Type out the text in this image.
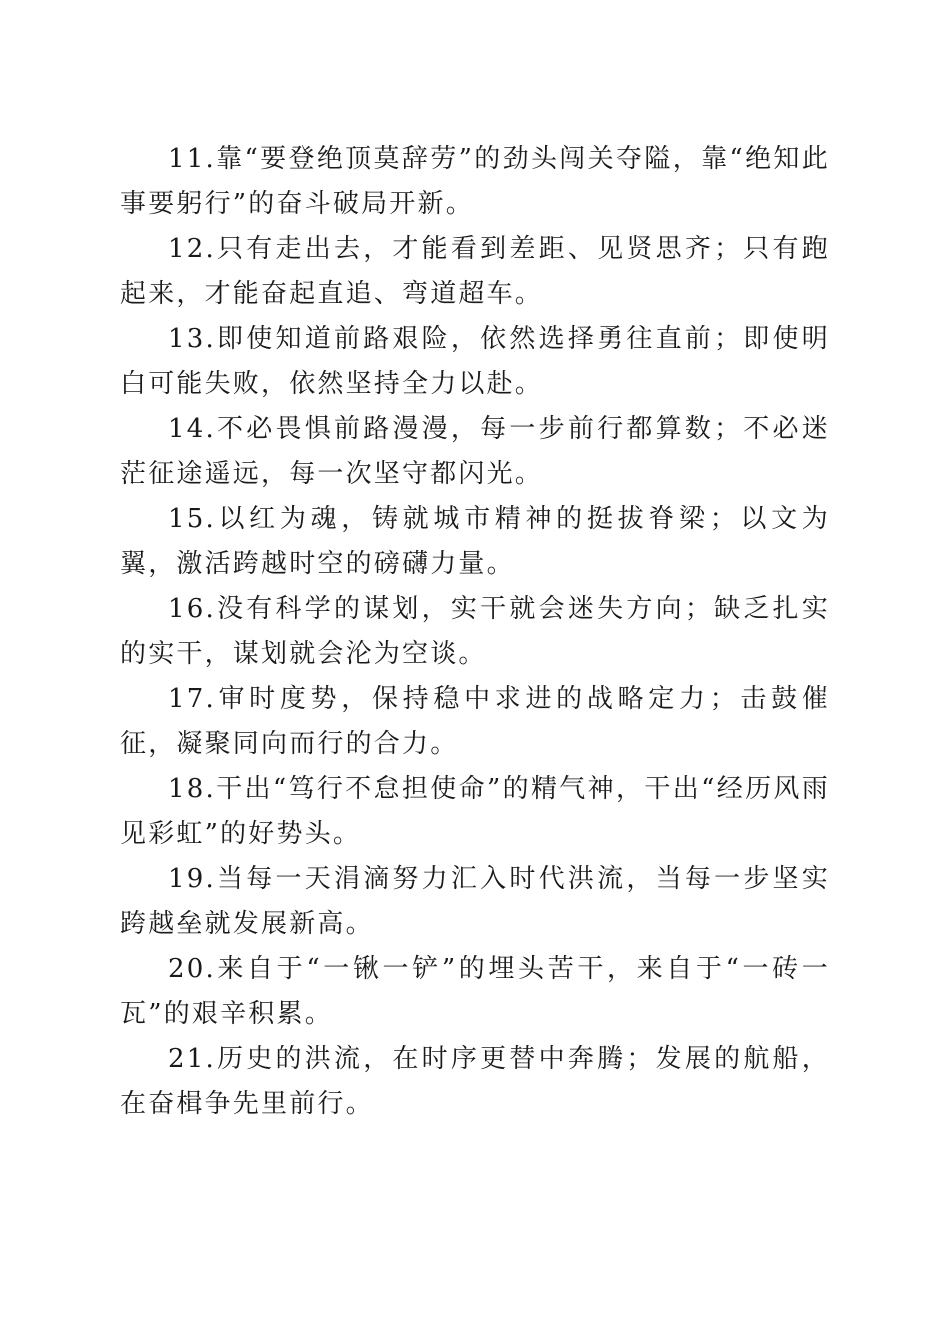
11.靠“要登绝顶莫辞劳”的劲头闯关夺隘，靠“绝知此事要躬行”的奋斗破局开新。

12.只有走出去，才能看到差距、见贤思齐；只有跑起来，才能奋起直追、弯道超车。

13.即使知道前路艰险，依然选择勇往直前；即使明白可能失败，依然坚持全力以赴。

14.不必畏惧前路漫漫，每一步前行都算数；不必迷茫征途遥远，每一次坚守都闪光。

15.以红为魂，铸就城市精神的挺拔脊梁；以文为翼，激活跨越时空的磅礴力量。

16.没有科学的谋划，实干就会迷失方向；缺乏扎实的实干，谋划就会沦为空谈。

17.审时度势，保持稳中求进的战略定力；击鼓催征，凝聚同向而行的合力。

18.干出“笃行不怠担使命”的精气神，干出“经历风雨见彩虹”的好势头。

19.当每一天涓滴努力汇入时代洪流，当每一步坚实跨越垒就发展新高。

20.来自于“一锹一铲”的埋头苦干，来自于“一砖一瓦”的艰辛积累。

21.历史的洪流，在时序更替中奔腾；发展的航船，在奋楫争先里前行。
